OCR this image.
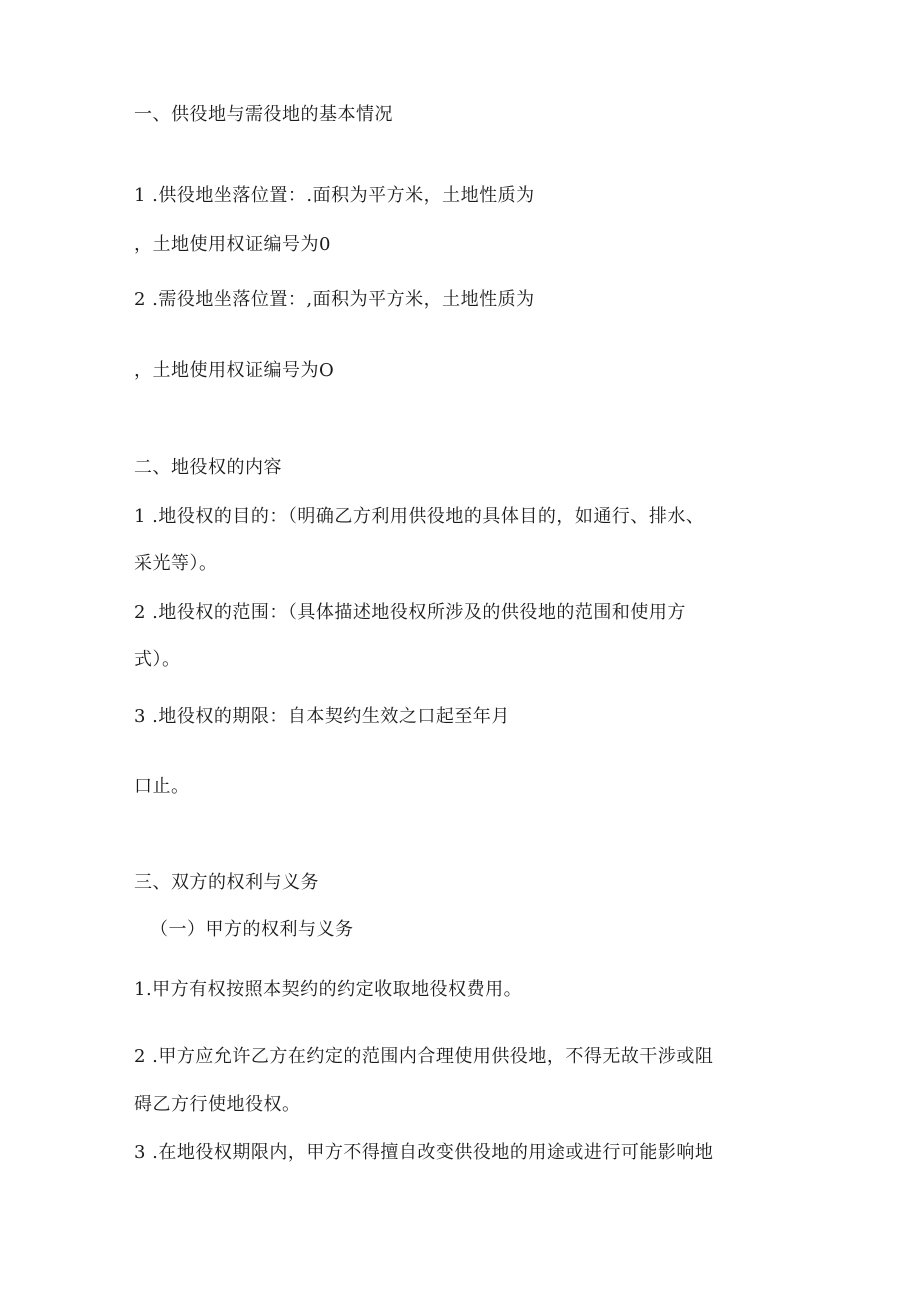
一、供役地与需役地的基本情况
1 .供役地坐落位置：.面积为平方米，土地性质为
，土地使用权证编号为0
2 .需役地坐落位置：,面积为平方米，土地性质为
，土地使用权证编号为O
二、地役权的内容
1 .地役权的目的：（明确乙方利用供役地的具体目的，如通行、排水、
采光等）。
2 .地役权的范围：（具体描述地役权所涉及的供役地的范围和使用方
式）。
3 .地役权的期限：自本契约生效之口起至年月
口止。
三、双方的权利与义务
（一）甲方的权利与义务
1.甲方有权按照本契约的约定收取地役权费用。
2 .甲方应允许乙方在约定的范围内合理使用供役地，不得无故干涉或阻
碍乙方行使地役权。
3 .在地役权期限内，甲方不得擅自改变供役地的用途或进行可能影响地
